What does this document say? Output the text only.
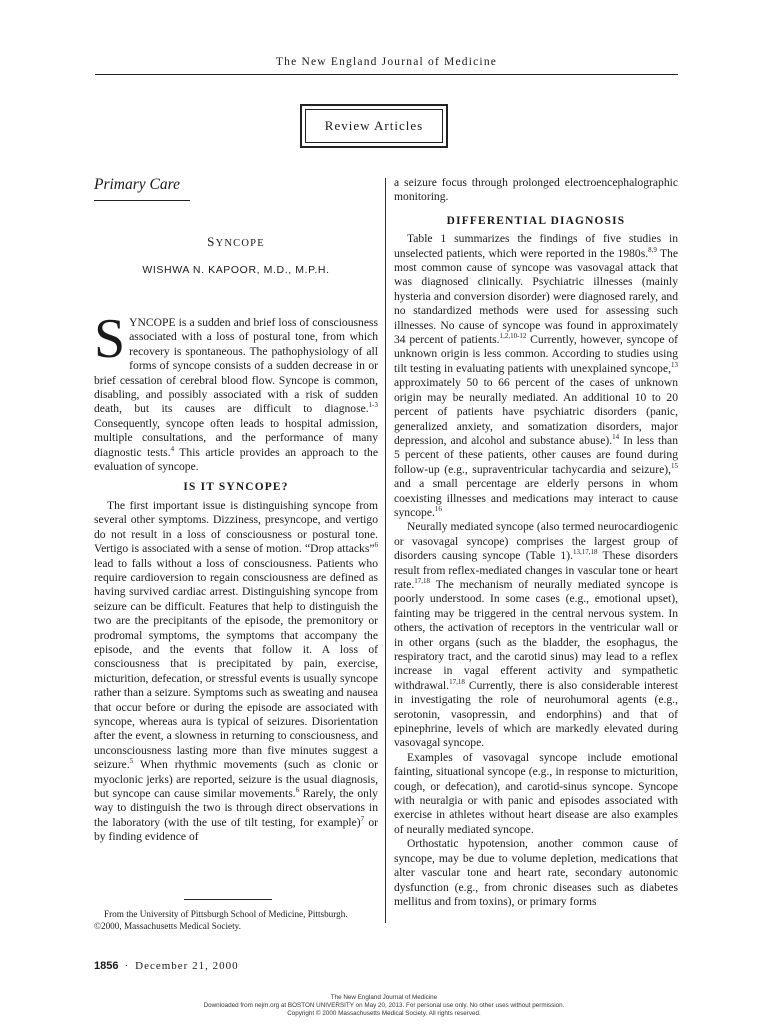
The New England Journal of Medicine
Review Articles
Primary Care
SYNCOPE
WISHWA N. KAPOOR, M.D., M.P.H.

SYNCOPE is a sudden and brief loss of consciousness associated with a loss of postural tone, from which recovery is spontaneous. The pathophysiology of all forms of syncope consists of a sudden decrease in or brief cessation of cerebral blood flow. Syncope is common, disabling, and possibly associated with a risk of sudden death, but its causes are difficult to diagnose.$^{1-3}$ Consequently, syncope often leads to hospital admission, multiple consultations, and the performance of many diagnostic tests.$^4$ This article provides an approach to the evaluation of syncope.

IS IT SYNCOPE?

The first important issue is distinguishing syncope from several other symptoms. Dizziness, presyncope, and vertigo do not result in a loss of consciousness or postural tone. Vertigo is associated with a sense of motion. “Drop attacks”$^6$ lead to falls without a loss of consciousness. Patients who require cardioversion to regain consciousness are defined as having survived cardiac arrest. Distinguishing syncope from seizure can be difficult. Features that help to distinguish the two are the precipitants of the episode, the premonitory or prodromal symptoms, the symptoms that accompany the episode, and the events that follow it. A loss of consciousness that is precipitated by pain, exercise, micturition, defecation, or stressful events is usually syncope rather than a seizure. Symptoms such as sweating and nausea that occur before or during the episode are associated with syncope, whereas aura is typical of seizures. Disorientation after the event, a slowness in returning to consciousness, and unconsciousness lasting more than five minutes suggest a seizure.$^5$ When rhythmic movements (such as clonic or myoclonic jerks) are reported, seizure is the usual diagnosis, but syncope can cause similar movements.$^6$ Rarely, the only way to distinguish the two is through direct observations in the laboratory (with the use of tilt testing, for example)$^7$ or by finding evidence of

From the University of Pittsburgh School of Medicine, Pittsburgh.
©2000, Massachusetts Medical Society.

a seizure focus through prolonged electroencephalographic monitoring.

DIFFERENTIAL DIAGNOSIS

Table 1 summarizes the findings of five studies in unselected patients, which were reported in the 1980s.$^{8,9}$ The most common cause of syncope was vasovagal attack that was diagnosed clinically. Psychiatric illnesses (mainly hysteria and conversion disorder) were diagnosed rarely, and no standardized methods were used for assessing such illnesses. No cause of syncope was found in approximately 34 percent of patients.$^{1,2,10-12}$ Currently, however, syncope of unknown origin is less common. According to studies using tilt testing in evaluating patients with unexplained syncope,$^{13}$ approximately 50 to 66 percent of the cases of unknown origin may be neurally mediated. An additional 10 to 20 percent of patients have psychiatric disorders (panic, generalized anxiety, and somatization disorders, major depression, and alcohol and substance abuse).$^{14}$ In less than 5 percent of these patients, other causes are found during follow-up (e.g., supraventricular tachycardia and seizure),$^{15}$ and a small percentage are elderly persons in whom coexisting illnesses and medications may interact to cause syncope.$^{16}$

Neurally mediated syncope (also termed neurocardiogenic or vasovagal syncope) comprises the largest group of disorders causing syncope (Table 1).$^{13,17,18}$ These disorders result from reflex-mediated changes in vascular tone or heart rate.$^{17,18}$ The mechanism of neurally mediated syncope is poorly understood. In some cases (e.g., emotional upset), fainting may be triggered in the central nervous system. In others, the activation of receptors in the ventricular wall or in other organs (such as the bladder, the esophagus, the respiratory tract, and the carotid sinus) may lead to a reflex increase in vagal efferent activity and sympathetic withdrawal.$^{17,18}$ Currently, there is also considerable interest in investigating the role of neurohumoral agents (e.g., serotonin, vasopressin, and endorphins) and that of epinephrine, levels of which are markedly elevated during vasovagal syncope.

Examples of vasovagal syncope include emotional fainting, situational syncope (e.g., in response to micturition, cough, or defecation), and carotid-sinus syncope. Syncope with neuralgia or with panic and episodes associated with exercise in athletes without heart disease are also examples of neurally mediated syncope.

Orthostatic hypotension, another common cause of syncope, may be due to volume depletion, medications that alter vascular tone and heart rate, secondary autonomic dysfunction (e.g., from chronic diseases such as diabetes mellitus and from toxins), or primary forms

1856 · December 21, 2000
The New England Journal of Medicine
Downloaded from nejm.org at BOSTON UNIVERSITY on May 20, 2013. For personal use only. No other uses without permission.
Copyright © 2000 Massachusetts Medical Society. All rights reserved.
